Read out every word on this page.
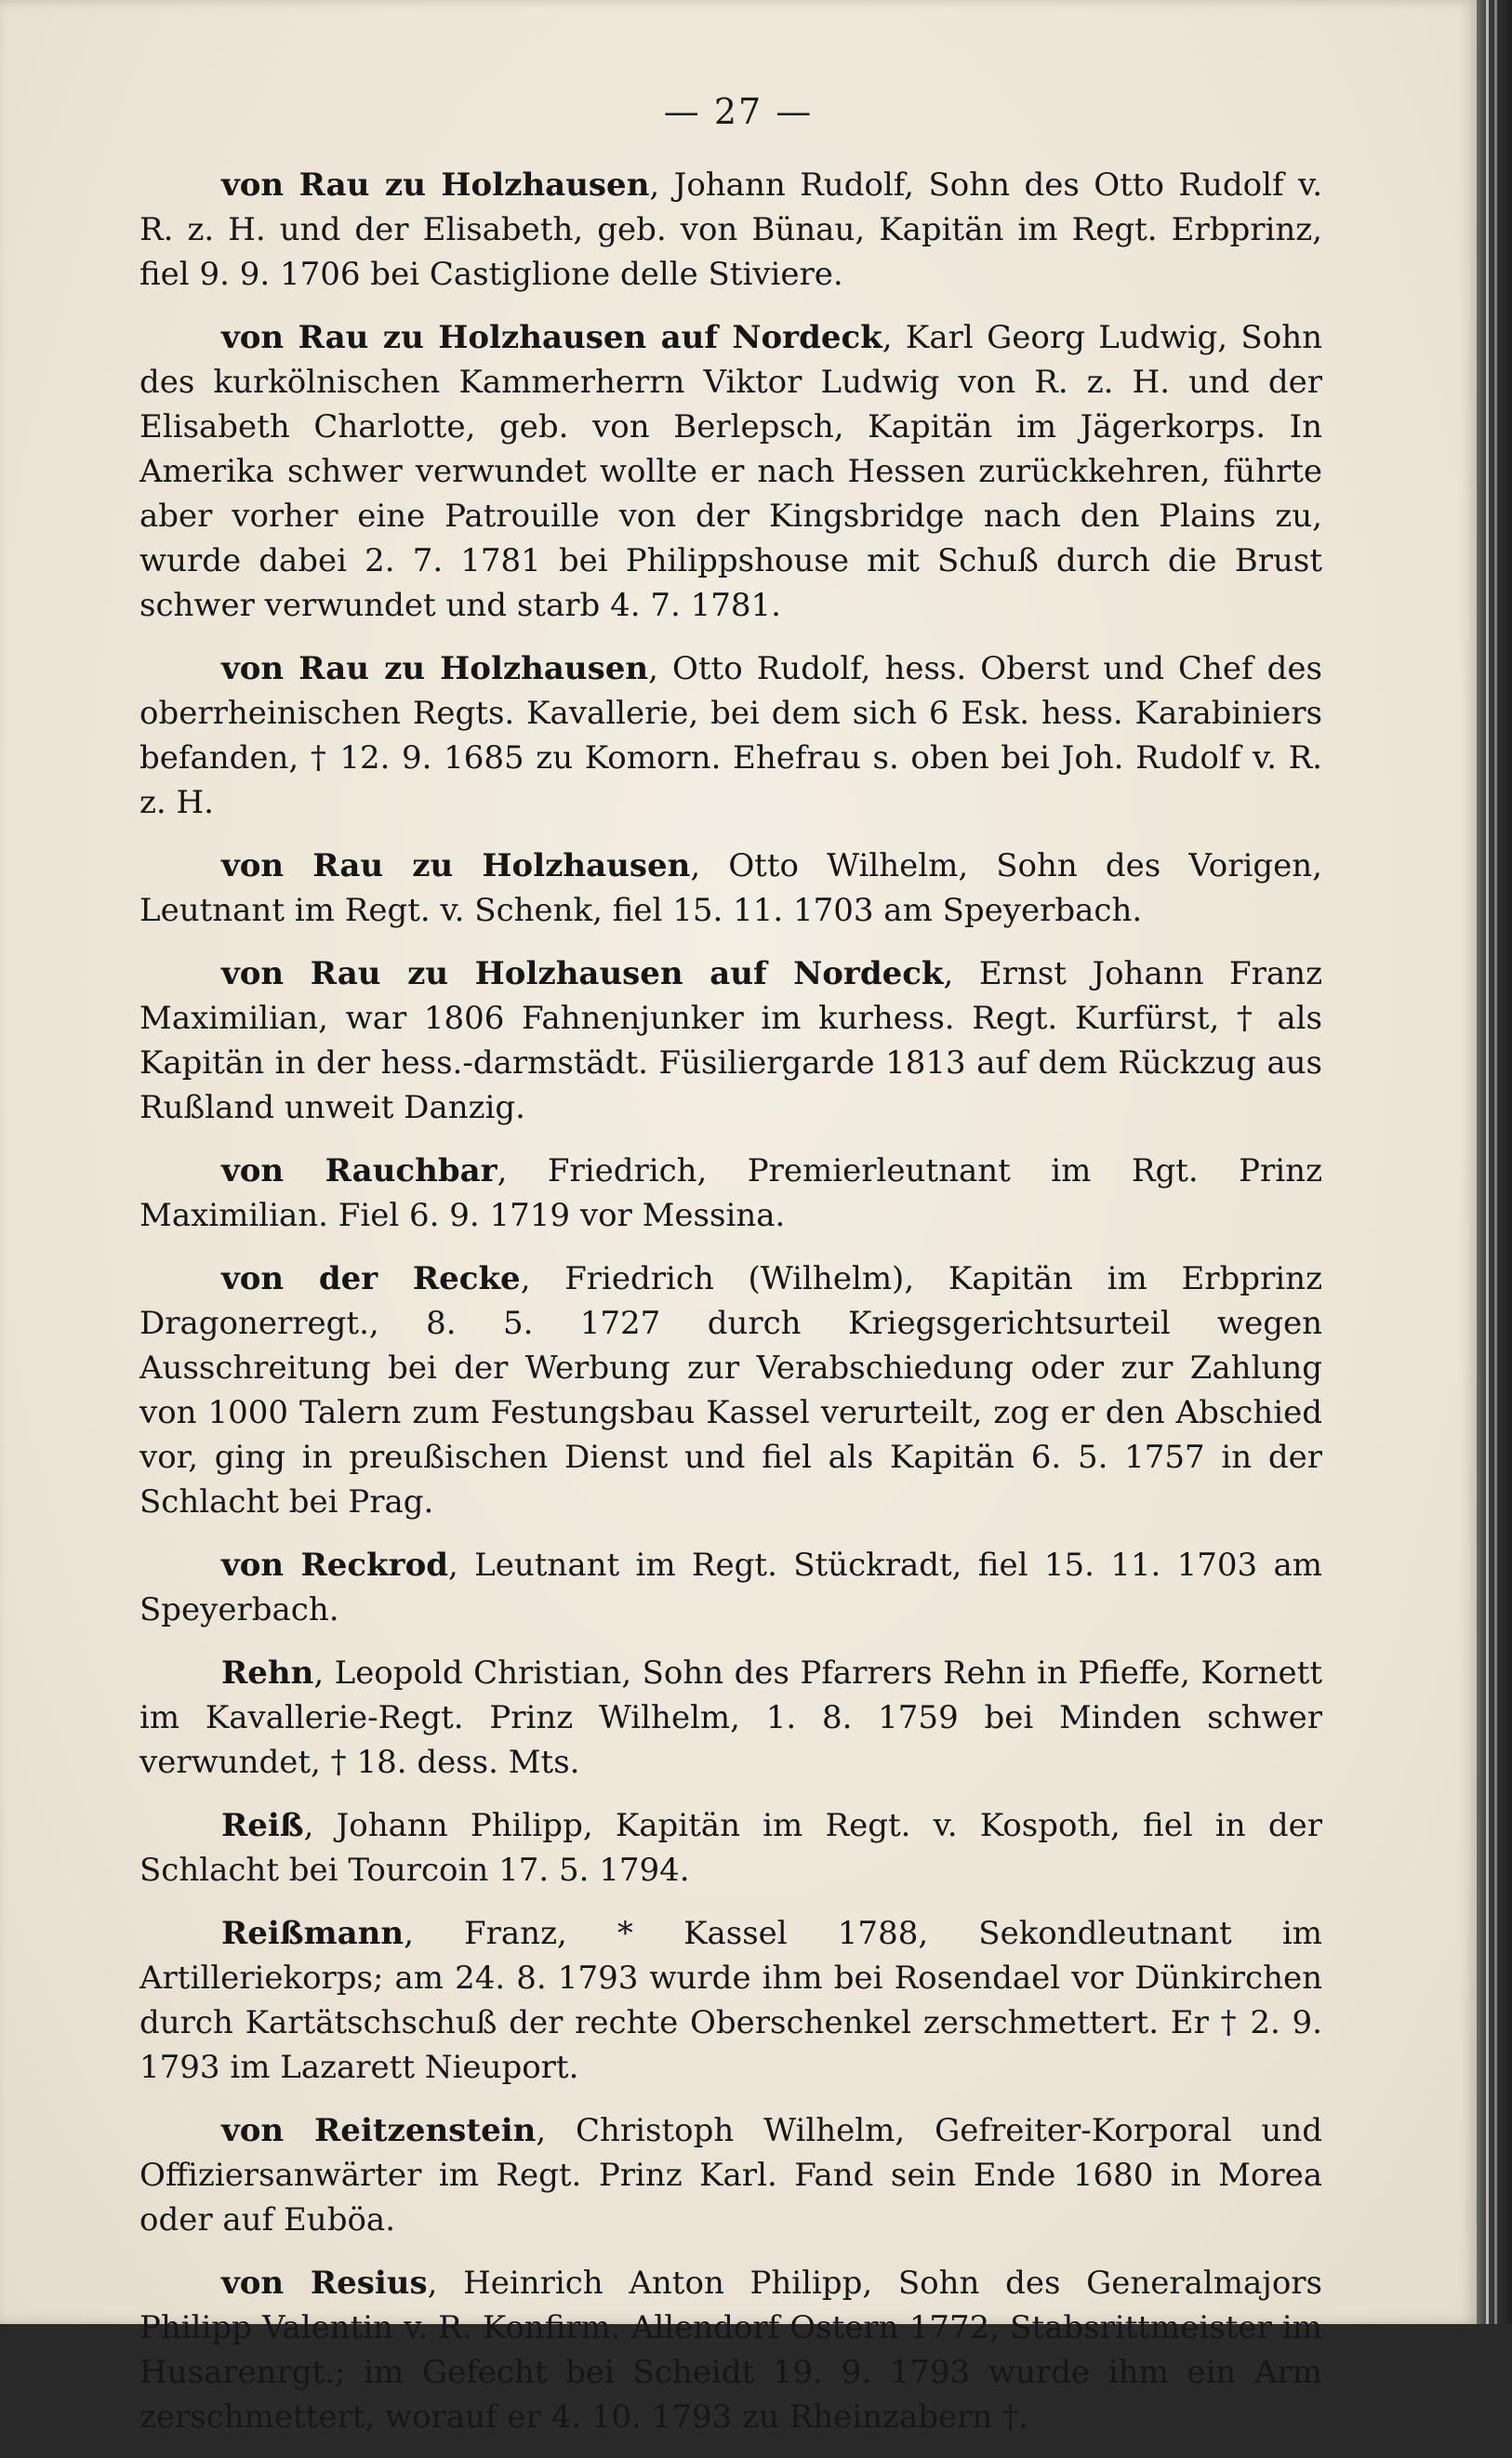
— 27 —

von Rau zu Holzhausen, Johann Rudolf, Sohn des Otto Rudolf v. R. z. H. und der Elisabeth, geb. von Bünau, Kapitän im Regt. Erbprinz, fiel 9. 9. 1706 bei Castiglione delle Stiviere.

von Rau zu Holzhausen auf Nordeck, Karl Georg Ludwig, Sohn des kurkölnischen Kammerherrn Viktor Ludwig von R. z. H. und der Elisabeth Charlotte, geb. von Berlepsch, Kapitän im Jägerkorps. In Amerika schwer verwundet wollte er nach Hessen zurückkehren, führte aber vorher eine Patrouille von der Kingsbridge nach den Plains zu, wurde dabei 2. 7. 1781 bei Philippshouse mit Schuß durch die Brust schwer verwundet und starb 4. 7. 1781.

von Rau zu Holzhausen, Otto Rudolf, hess. Oberst und Chef des oberrheinischen Regts. Kavallerie, bei dem sich 6 Esk. hess. Karabiniers befanden, † 12. 9. 1685 zu Komorn. Ehefrau s. oben bei Joh. Rudolf v. R. z. H.

von Rau zu Holzhausen, Otto Wilhelm, Sohn des Vorigen, Leutnant im Regt. v. Schenk, fiel 15. 11. 1703 am Speyerbach.

von Rau zu Holzhausen auf Nordeck, Ernst Johann Franz Maximilian, war 1806 Fahnenjunker im kurhess. Regt. Kurfürst, † als Kapitän in der hess.-darmstädt. Füsiliergarde 1813 auf dem Rückzug aus Rußland unweit Danzig.

von Rauchbar, Friedrich, Premierleutnant im Rgt. Prinz Maximilian. Fiel 6. 9. 1719 vor Messina.

von der Recke, Friedrich (Wilhelm), Kapitän im Erbprinz Dragonerregt., 8. 5. 1727 durch Kriegsgerichtsurteil wegen Ausschreitung bei der Werbung zur Verabschiedung oder zur Zahlung von 1000 Talern zum Festungsbau Kassel verurteilt, zog er den Abschied vor, ging in preußischen Dienst und fiel als Kapitän 6. 5. 1757 in der Schlacht bei Prag.

von Reckrod, Leutnant im Regt. Stückradt, fiel 15. 11. 1703 am Speyerbach.

Rehn, Leopold Christian, Sohn des Pfarrers Rehn in Pfieffe, Kornett im Kavallerie-Regt. Prinz Wilhelm, 1. 8. 1759 bei Minden schwer verwundet, † 18. dess. Mts.

Reiß, Johann Philipp, Kapitän im Regt. v. Kospoth, fiel in der Schlacht bei Tourcoin 17. 5. 1794.

Reißmann, Franz, * Kassel 1788, Sekondleutnant im Artilleriekorps; am 24. 8. 1793 wurde ihm bei Rosendael vor Dünkirchen durch Kartätschschuß der rechte Oberschenkel zerschmettert. Er † 2. 9. 1793 im Lazarett Nieuport.

von Reitzenstein, Christoph Wilhelm, Gefreiter-Korporal und Offiziersanwärter im Regt. Prinz Karl. Fand sein Ende 1680 in Morea oder auf Euböa.

von Resius, Heinrich Anton Philipp, Sohn des Generalmajors Philipp Valentin v. R. Konfirm. Allendorf Ostern 1772, Stabsrittmeister im Husarenrgt.; im Gefecht bei Scheidt 19. 9. 1793 wurde ihm ein Arm zerschmettert, worauf er 4. 10. 1793 zu Rheinzabern †.
